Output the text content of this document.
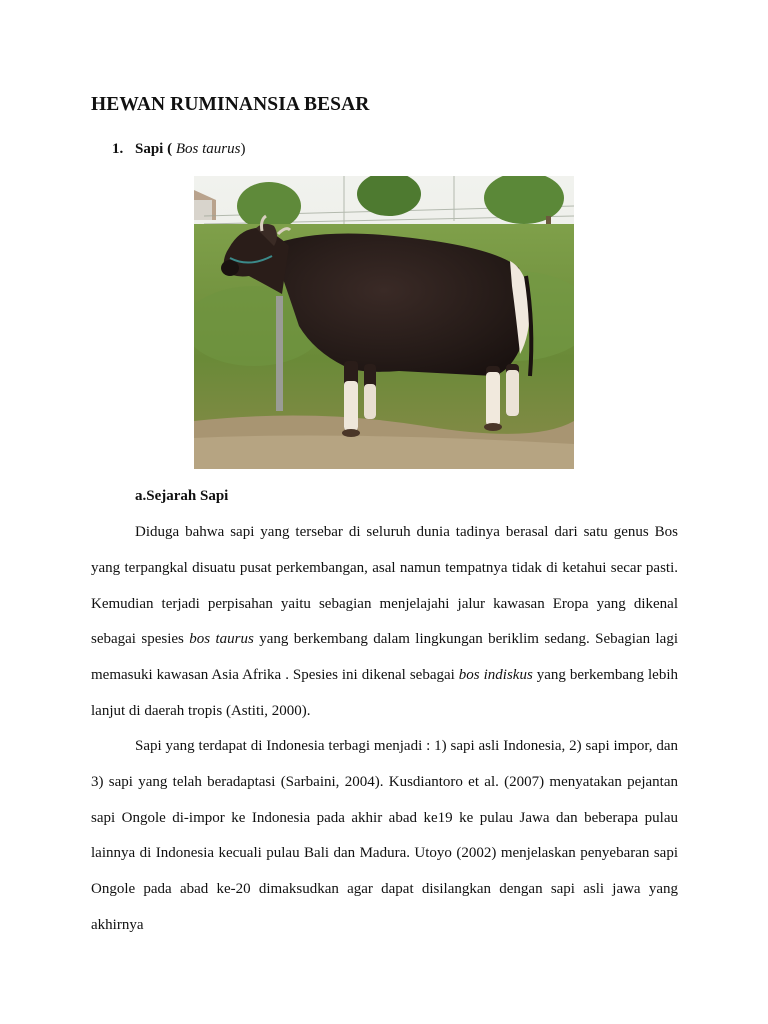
HEWAN RUMINANSIA BESAR

1. Sapi ( Bos taurus)

a.Sejarah Sapi

Diduga bahwa sapi yang tersebar di seluruh dunia tadinya berasal dari satu genus Bos yang terpangkal disuatu pusat perkembangan, asal namun tempatnya tidak di ketahui secar pasti. Kemudian terjadi perpisahan yaitu sebagian menjelajahi jalur kawasan Eropa yang dikenal sebagai spesies bos taurus yang berkembang dalam lingkungan beriklim sedang. Sebagian lagi memasuki kawasan Asia Afrika . Spesies ini dikenal sebagai bos indiskus yang berkembang lebih lanjut di daerah tropis (Astiti, 2000).

Sapi yang terdapat di Indonesia terbagi menjadi : 1) sapi asli Indonesia, 2) sapi impor, dan 3) sapi yang telah beradaptasi (Sarbaini, 2004). Kusdiantoro et al. (2007) menyatakan pejantan sapi Ongole di-impor ke Indonesia pada akhir abad ke19 ke pulau Jawa dan beberapa pulau lainnya di Indonesia kecuali pulau Bali dan Madura. Utoyo (2002) menjelaskan penyebaran sapi Ongole pada abad ke-20 dimaksudkan agar dapat disilangkan dengan sapi asli jawa yang akhirnya
